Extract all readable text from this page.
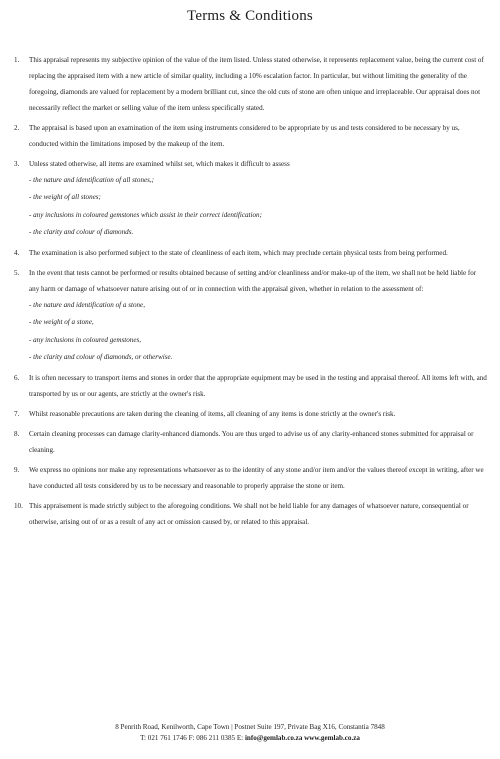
Terms & Conditions
1.	This appraisal represents my subjective opinion of the value of the item listed. Unless stated otherwise, it represents replacement value, being the current cost of replacing the appraised item with a new article of similar quality, including a 10% escalation factor. In particular, but without limiting the generality of the foregoing, diamonds are valued for replacement by a modern brilliant cut, since the old cuts of stone are often unique and irreplaceable. Our appraisal does not necessarily reflect the market or selling value of the item unless specifically stated.

2.	The appraisal is based upon an examination of the item using instruments considered to be appropriate by us and tests considered to be necessary by us, conducted within the limitations imposed by the makeup of the item.

3.	Unless stated otherwise, all items are examined whilst set, which makes it difficult to assess

- the nature and identification of all stones,;

- the weight of all stones;

- any inclusions in coloured gemstones which assist in their correct identification;

- the clarity and colour of diamonds.

4.	The examination is also performed subject to the state of cleanliness of each item, which may preclude certain physical tests from being performed.

5.	In the event that tests cannot be performed or results obtained because of setting and/or cleanliness and/or make-up of the item, we shall not be held liable for any harm or damage of whatsoever nature arising out of or in connection with the appraisal given, whether in relation to the assessment of:

- the nature and identification of a stone,

- the weight of a stone,

- any inclusions in coloured gemstones,

- the clarity and colour of diamonds, or otherwise.

6.	It is often necessary to transport items and stones in order that the appropriate equipment may be used in the testing and appraisal thereof. All items left with, and transported by us or our agents, are strictly at the owner's risk.

7.	Whilst reasonable precautions are taken during the cleaning of items, all cleaning of any items is done strictly at the owner's risk.

8.	Certain cleaning processes can damage clarity-enhanced diamonds. You are thus urged to advise us of any clarity-enhanced stones submitted for appraisal or cleaning.

9.	We express no opinions nor make any representations whatsoever as to the identity of any stone and/or item and/or the values thereof except in writing, after we have conducted all tests considered by us to be necessary and reasonable to properly appraise the stone or item.

10. This appraisement is made strictly subject to the aforegoing conditions. We shall not be held liable for any damages of whatsoever nature, consequential or otherwise, arising out of or as a result of any act or omission caused by, or related to this appraisal.

8 Penrith Road, Kenilworth, Cape Town | Postnet Suite 197, Private Bag X16, Constantia 7848
T: 021 761 1746 F: 086 211 0385 E: info@gemlab.co.za www.gemlab.co.za
